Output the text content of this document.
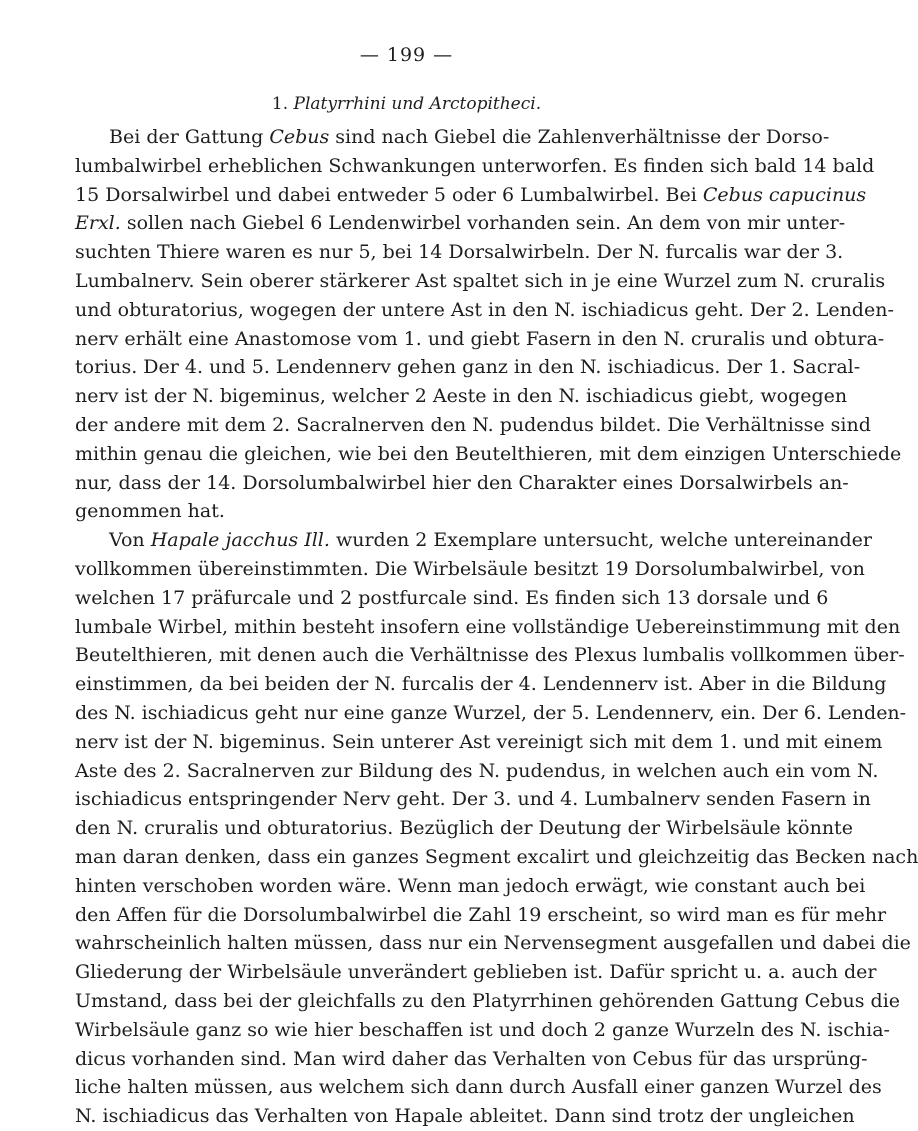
— 199 —
1. Platyrrhini und Arctopitheci.
Bei der Gattung Cebus sind nach Giebel die Zahlenverhältnisse der Dorso-
lumbalwirbel erheblichen Schwankungen unterworfen. Es finden sich bald 14 bald
15 Dorsalwirbel und dabei entweder 5 oder 6 Lumbalwirbel. Bei Cebus capucinus
Erxl. sollen nach Giebel 6 Lendenwirbel vorhanden sein. An dem von mir unter-
suchten Thiere waren es nur 5, bei 14 Dorsalwirbeln. Der N. furcalis war der 3.
Lumbalnerv. Sein oberer stärkerer Ast spaltet sich in je eine Wurzel zum N. cruralis
und obturatorius, wogegen der untere Ast in den N. ischiadicus geht. Der 2. Lenden-
nerv erhält eine Anastomose vom 1. und giebt Fasern in den N. cruralis und obtura-
torius. Der 4. und 5. Lendennerv gehen ganz in den N. ischiadicus. Der 1. Sacral-
nerv ist der N. bigeminus, welcher 2 Aeste in den N. ischiadicus giebt, wogegen
der andere mit dem 2. Sacralnerven den N. pudendus bildet. Die Verhältnisse sind
mithin genau die gleichen, wie bei den Beutelthieren, mit dem einzigen Unterschiede
nur, dass der 14. Dorsolumbalwirbel hier den Charakter eines Dorsalwirbels an-
genommen hat.
Von Hapale jacchus Ill. wurden 2 Exemplare untersucht, welche untereinander
vollkommen übereinstimmten. Die Wirbelsäule besitzt 19 Dorsolumbalwirbel, von
welchen 17 präfurcale und 2 postfurcale sind. Es finden sich 13 dorsale und 6
lumbale Wirbel, mithin besteht insofern eine vollständige Uebereinstimmung mit den
Beutelthieren, mit denen auch die Verhältnisse des Plexus lumbalis vollkommen über-
einstimmen, da bei beiden der N. furcalis der 4. Lendennerv ist. Aber in die Bildung
des N. ischiadicus geht nur eine ganze Wurzel, der 5. Lendennerv, ein. Der 6. Lenden-
nerv ist der N. bigeminus. Sein unterer Ast vereinigt sich mit dem 1. und mit einem
Aste des 2. Sacralnerven zur Bildung des N. pudendus, in welchen auch ein vom N.
ischiadicus entspringender Nerv geht. Der 3. und 4. Lumbalnerv senden Fasern in
den N. cruralis und obturatorius. Bezüglich der Deutung der Wirbelsäule könnte
man daran denken, dass ein ganzes Segment excalirt und gleichzeitig das Becken nach
hinten verschoben worden wäre. Wenn man jedoch erwägt, wie constant auch bei
den Affen für die Dorsolumbalwirbel die Zahl 19 erscheint, so wird man es für mehr
wahrscheinlich halten müssen, dass nur ein Nervensegment ausgefallen und dabei die
Gliederung der Wirbelsäule unverändert geblieben ist. Dafür spricht u. a. auch der
Umstand, dass bei der gleichfalls zu den Platyrrhinen gehörenden Gattung Cebus die
Wirbelsäule ganz so wie hier beschaffen ist und doch 2 ganze Wurzeln des N. ischia-
dicus vorhanden sind. Man wird daher das Verhalten von Cebus für das ursprüng-
liche halten müssen, aus welchem sich dann durch Ausfall einer ganzen Wurzel des
N. ischiadicus das Verhalten von Hapale ableitet. Dann sind trotz der ungleichen
